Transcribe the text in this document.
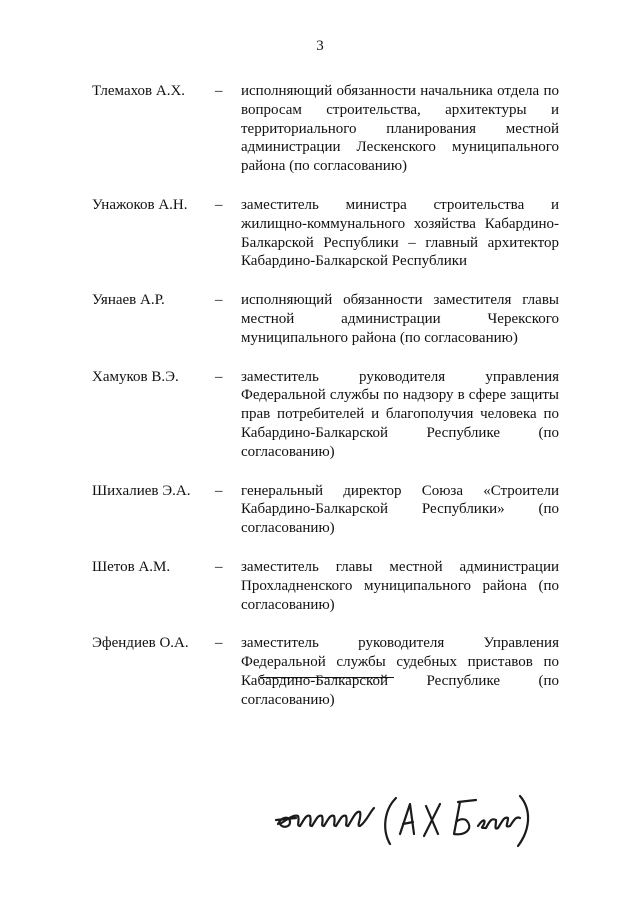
3
Тлемахов А.Х. – исполняющий обязанности начальника отдела по вопросам строительства, архитектуры и территориального планирования местной администрации Лескенского муниципального района (по согласованию)
Унажоков А.Н. – заместитель министра строительства и жилищно-коммунального хозяйства Кабардино-Балкарской Республики – главный архитектор Кабардино-Балкарской Республики
Уянаев А.Р.	– исполняющий обязанности заместителя главы местной администрации Черекского муниципального района (по согласованию)
Хамуков В.Э. – заместитель руководителя управления Федеральной службы по надзору в сфере защиты прав потребителей и благополучия человека по Кабардино-Балкарской Республике (по согласованию)
Шихалиев Э.А. – генеральный директор Союза «Строители Кабардино-Балкарской Республики» (по согласованию)
Шетов А.М.	– заместитель главы местной администрации Прохладненского муниципального района (по согласованию)
Эфендиев О.А. – заместитель руководителя Управления Федеральной службы судебных приставов по Кабардино-Балкарской Республике (по согласованию)
